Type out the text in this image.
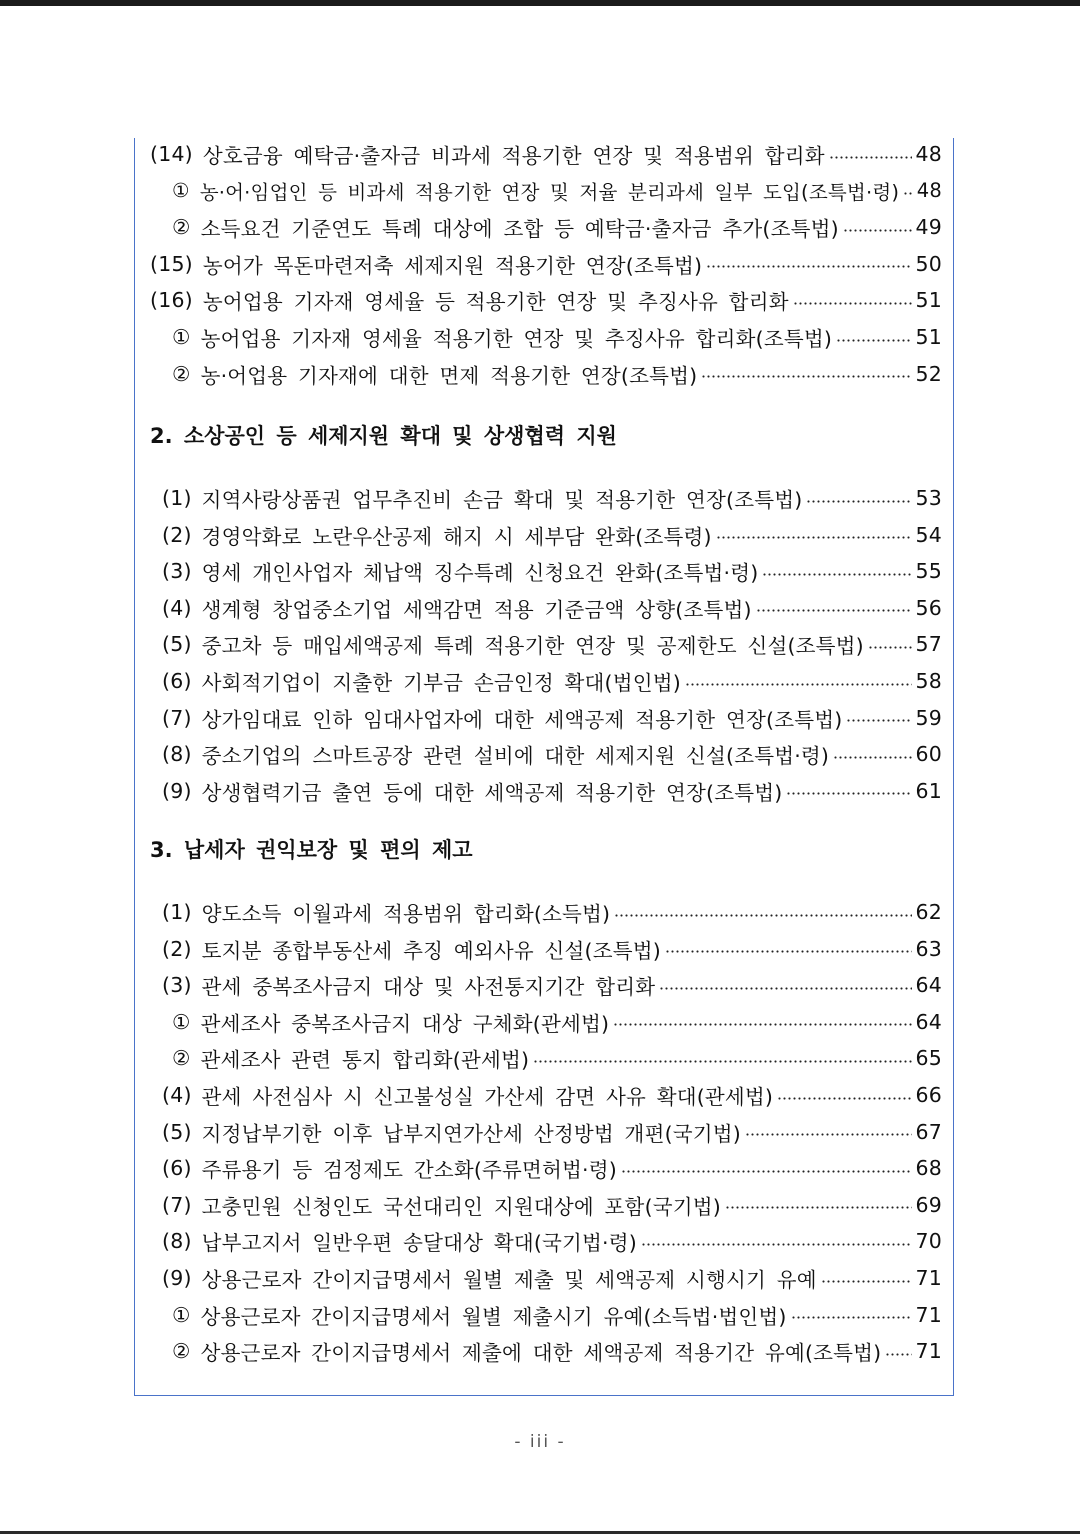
(14) 상호금융 예탁금·출자금 비과세 적용기한 연장 및 적용범위 합리화	48
① 농·어·임업인 등 비과세 적용기한 연장 및 저율 분리과세 일부 도입(조특법·령) 48
② 소득요건 기준연도 특례 대상에 조합 등 예탁금·출자금 추가(조특법)	49
(15) 농어가 목돈마련저축 세제지원 적용기한 연장(조특법)	50
(16) 농어업용 기자재 영세율 등 적용기한 연장 및 추징사유 합리화	51
① 농어업용 기자재 영세율 적용기한 연장 및 추징사유 합리화(조특법)	51
② 농·어업용 기자재에 대한 면제 적용기한 연장(조특법)	52
2. 소상공인 등 세제지원 확대 및 상생협력 지원
(1) 지역사랑상품권 업무추진비 손금 확대 및 적용기한 연장(조특법)	53
(2) 경영악화로 노란우산공제 해지 시 세부담 완화(조특령)	54
(3) 영세 개인사업자 체납액 징수특례 신청요건 완화(조특법·령)	55
(4) 생계형 창업중소기업 세액감면 적용 기준금액 상향(조특법)	56
(5) 중고차 등 매입세액공제 특례 적용기한 연장 및 공제한도 신설(조특법)	57
(6) 사회적기업이 지출한 기부금 손금인정 확대(법인법)	58
(7) 상가임대료 인하 임대사업자에 대한 세액공제 적용기한 연장(조특법)	59
(8) 중소기업의 스마트공장 관련 설비에 대한 세제지원 신설(조특법·령)	60
(9) 상생협력기금 출연 등에 대한 세액공제 적용기한 연장(조특법)	61
3. 납세자 권익보장 및 편의 제고
(1) 양도소득 이월과세 적용범위 합리화(소득법)	62
(2) 토지분 종합부동산세 추징 예외사유 신설(조특법)	63
(3) 관세 중복조사금지 대상 및 사전통지기간 합리화	64
① 관세조사 중복조사금지 대상 구체화(관세법)	64
② 관세조사 관련 통지 합리화(관세법)	65
(4) 관세 사전심사 시 신고불성실 가산세 감면 사유 확대(관세법)	66
(5) 지정납부기한 이후 납부지연가산세 산정방법 개편(국기법)	67
(6) 주류용기 등 검정제도 간소화(주류면허법·령)	68
(7) 고충민원 신청인도 국선대리인 지원대상에 포함(국기법)	69
(8) 납부고지서 일반우편 송달대상 확대(국기법·령)	70
(9) 상용근로자 간이지급명세서 월별 제출 및 세액공제 시행시기 유예	71
① 상용근로자 간이지급명세서 월별 제출시기 유예(소득법·법인법)	71
② 상용근로자 간이지급명세서 제출에 대한 세액공제 적용기간 유예(조특법) 71
- iii -
